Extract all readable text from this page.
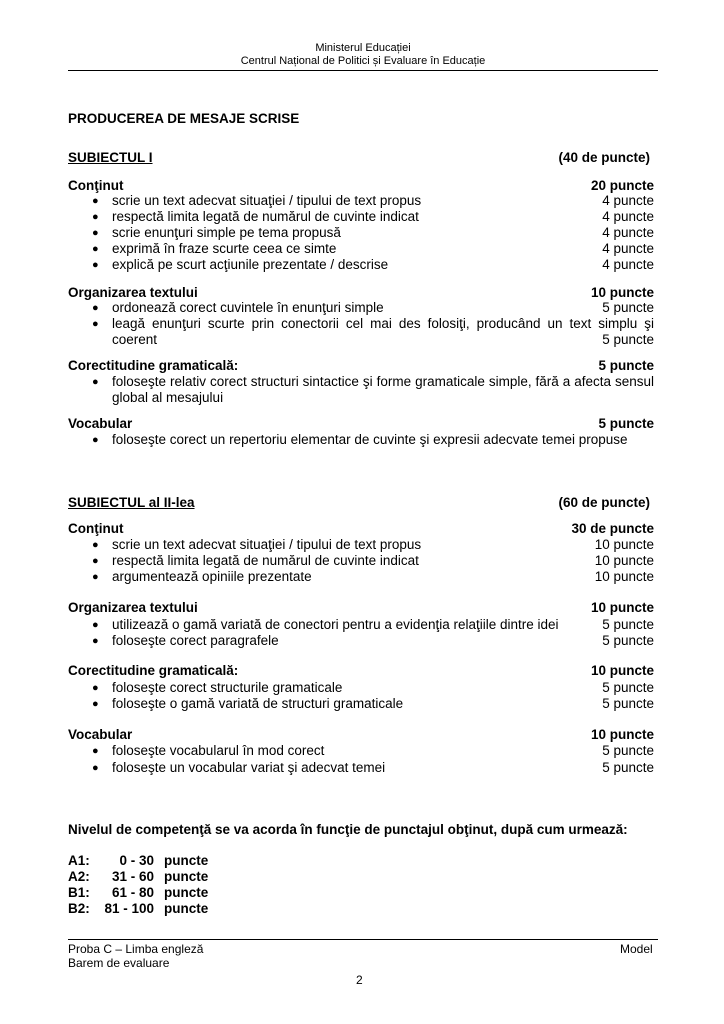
Ministerul Educației
Centrul Național de Politici și Evaluare în Educație
PRODUCEREA DE MESAJE SCRISE
SUBIECTUL I	(40 de puncte)
Conţinut	20 puncte
● scrie un text adecvat situaţiei / tipului de text propus	4 puncte
● respectă limita legată de numărul de cuvinte indicat	4 puncte
● scrie enunţuri simple pe tema propusă	4 puncte
● exprimă în fraze scurte ceea ce simte	4 puncte
● explică pe scurt acţiunile prezentate / descrise	4 puncte
Organizarea textului	10 puncte
● ordonează corect cuvintele în enunţuri simple	5 puncte
● leagă enunţuri scurte prin conectorii cel mai des folosiţi, producând un text simplu şi coerent	5 puncte
Corectitudine gramaticală:	5 puncte
● foloseşte relativ corect structuri sintactice şi forme gramaticale simple, fără a afecta sensul global al mesajului
Vocabular	5 puncte
● foloseşte corect un repertoriu elementar de cuvinte şi expresii adecvate temei propuse
SUBIECTUL al II-lea	(60 de puncte)
Conţinut	30 de puncte
● scrie un text adecvat situaţiei / tipului de text propus	10 puncte
● respectă limita legată de numărul de cuvinte indicat	10 puncte
● argumentează opiniile prezentate	10 puncte
Organizarea textului	10 puncte
● utilizează o gamă variată de conectori pentru a evidenţia relaţiile dintre idei	5 puncte
● foloseşte corect paragrafele	5 puncte
Corectitudine gramaticală:	10 puncte
● foloseşte corect structurile gramaticale	5 puncte
● foloseşte o gamă variată de structuri gramaticale	5 puncte
Vocabular	10 puncte
● foloseşte vocabularul în mod corect	5 puncte
● foloseşte un vocabular variat şi adecvat temei	5 puncte
Nivelul de competenţă se va acorda în funcţie de punctajul obţinut, după cum urmează:
A1:	0 - 30 puncte
A2:	31 - 60 puncte
B1:	61 - 80 puncte
B2:	81 - 100 puncte
Proba C – Limba engleză
Barem de evaluare
Model
2
